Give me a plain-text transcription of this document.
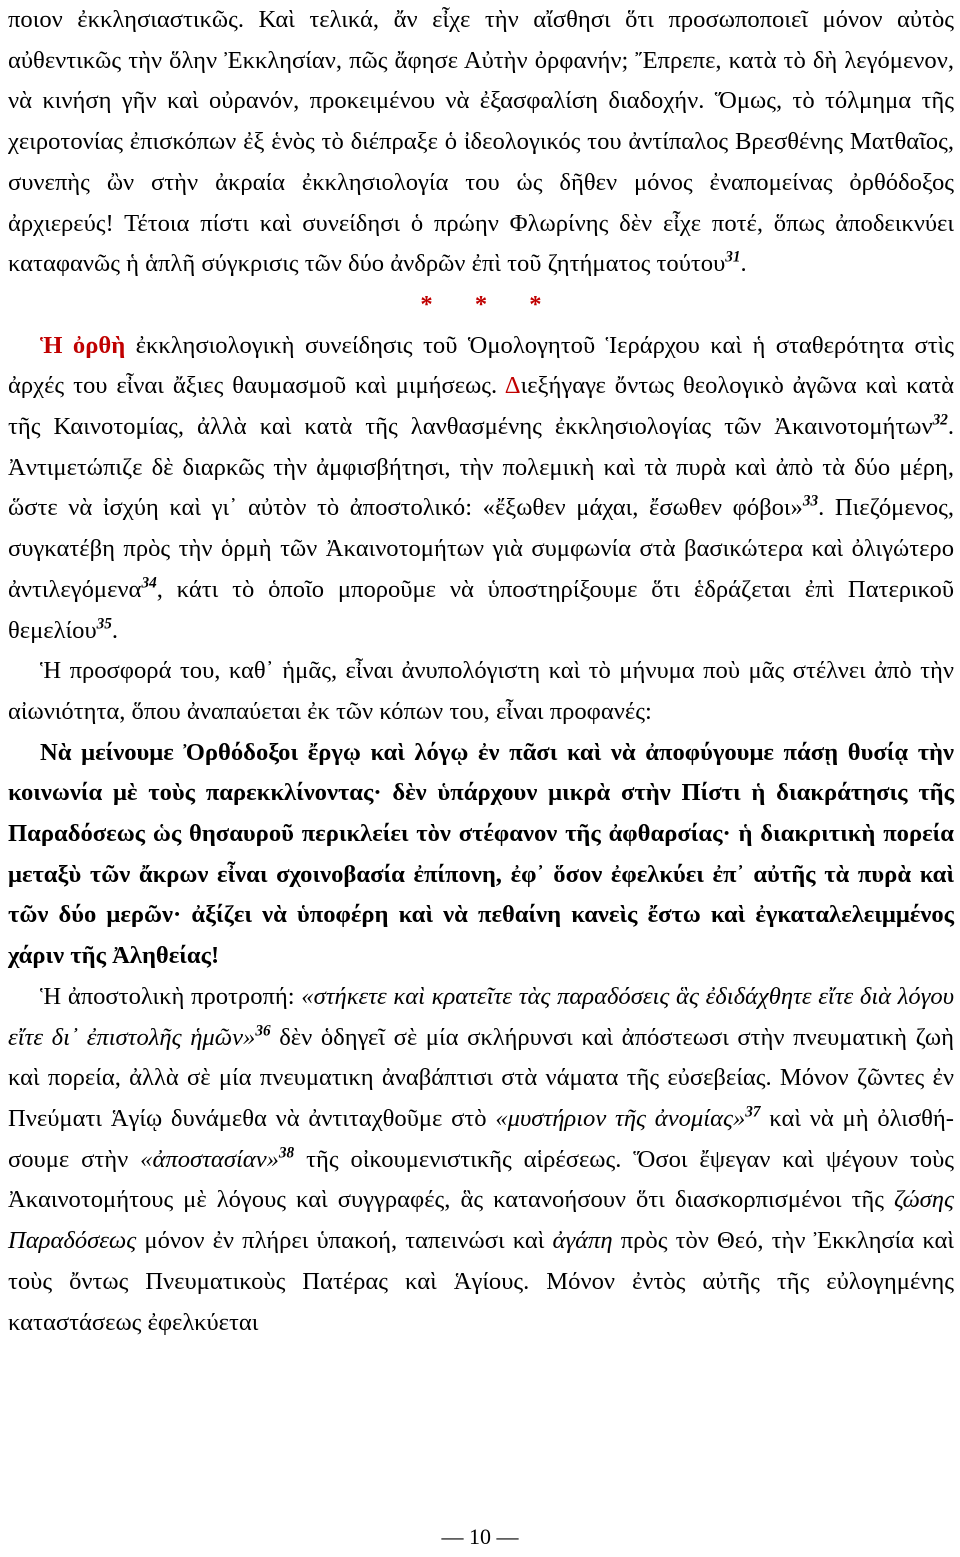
ποιον ἐκκλησιαστικῶς. Καὶ τελικά, ἄν εἶχε τὴν αἴσθησι ὅτι προσωποποιεῖ μόνον αὐτὸς αὐθεντικῶς τὴν ὅλην Ἐκκλησίαν, πῶς ἄφησε Αὐτὴν ὀρφανήν; Ἔπρεπε, κατὰ τὸ δὴ λεγόμενον, νὰ κινήση γῆν καὶ οὐρανόν, προκειμένου νὰ ἐξασφαλίση διαδοχήν. Ὅμως, τὸ τόλμημα τῆς χειροτονίας ἐπισκόπων ἐξ ἑνὸς τὸ διέπραξε ὁ ἰδεολογικός του ἀντίπαλος Βρεσθένης Ματθαῖος, συνεπὴς ὢν στὴν ἀκραία ἐκκλησιολογία του ὡς δῆθεν μόνος ἐναπομείνας ὀρθόδοξος ἀρχιερεύς! Τέτοια πίστι καὶ συνείδησι ὁ πρώην Φλωρίνης δὲν εἶχε ποτέ, ὅπως ἀποδεικνύει καταφανῶς ἡ ἁπλῆ σύγκρισις τῶν δύο ἀνδρῶν ἐπὶ τοῦ ζητήματος τούτου$^{31}$.

* * *

Ἡ ὀρθὴ ἐκκλησιολογικὴ συνείδησις τοῦ Ὁμολογητοῦ Ἱεράρχου καὶ ἡ σταθερότητα στὶς ἀρχές του εἶναι ἄξιες θαυμασμοῦ καὶ μιμήσεως. Διεξήγαγε ὄντως θεολογικὸ ἀγῶνα καὶ κατὰ τῆς Καινοτομίας, ἀλλὰ καὶ κατὰ τῆς λανθασμένης ἐκκλησιολογίας τῶν Ἀκαινοτομήτων$^{32}$. Ἀντιμετώπιζε δὲ διαρκῶς τὴν ἀμφισβήτησι, τὴν πολεμικὴ καὶ τὰ πυρὰ καὶ ἀπὸ τὰ δύο μέρη, ὥστε νὰ ἰσχύη καὶ γι᾽ αὐτὸν τὸ ἀποστολικό: «ἔξωθεν μάχαι, ἔσωθεν φόβοι»$^{33}$. Πιεζόμενος, συγκατέβη πρὸς τὴν ὁρμὴ τῶν Ἀκαινοτομήτων γιὰ συμφωνία στὰ βασικώτερα καὶ ὀλιγώτερο ἀντιλεγόμενα$^{34}$, κάτι τὸ ὁποῖο μποροῦμε νὰ ὑποστηρίξουμε ὅτι ἑδράζεται ἐπὶ Πατερικοῦ θεμελίου$^{35}$.

Ἡ προσφορά του, καθ᾽ ἡμᾶς, εἶναι ἀνυπολόγιστη καὶ τὸ μήνυμα ποὺ μᾶς στέλνει ἀπὸ τὴν αἰωνιότητα, ὅπου ἀναπαύεται ἐκ τῶν κόπων του, εἶναι προφανές:

Νὰ μείνουμε Ὀρθόδοξοι ἔργῳ καὶ λόγῳ ἐν πᾶσι καὶ νὰ ἀποφύγουμε πάσῃ θυσίᾳ τὴν κοινωνία μὲ τοὺς παρεκκλίνοντας· δὲν ὑπάρχουν μικρὰ στὴν Πίστι ἡ διακράτησις τῆς Παραδόσεως ὡς θησαυροῦ περικλείει τὸν στέφανον τῆς ἀφθαρσίας· ἡ διακριτικὴ πορεία μεταξὺ τῶν ἄκρων εἶναι σχοινοβασία ἐπίπονη, ἐφ᾽ ὅσον ἐφελκύει ἐπ᾽ αὐτῆς τὰ πυρὰ καὶ τῶν δύο μερῶν· ἀξίζει νὰ ὑποφέρη καὶ νὰ πεθαίνη κανεὶς ἔστω καὶ ἐγκαταλελειμμένος χάριν τῆς Ἀληθείας!

Ἡ ἀποστολικὴ προτροπή: «στήκετε καὶ κρατεῖτε τὰς παραδόσεις ἃς ἐδιδάχθητε εἴτε διὰ λόγου εἴτε δι᾽ ἐπιστολῆς ἡμῶν»$^{36}$ δὲν ὁδηγεῖ σὲ μία σκλήρυνσι καὶ ἀπόστεωσι στὴν πνευματικὴ ζωὴ καὶ πορεία, ἀλλὰ σὲ μία πνευματικη ἀναβάπτισι στὰ νάματα τῆς εὐσεβείας. Μόνον ζῶντες ἐν Πνεύματι Ἁγίῳ δυνάμεθα νὰ ἀντιταχθοῦμε στὸ «μυστήριον τῆς ἀνομίας»$^{37}$ καὶ νὰ μὴ ὀλισθήσουμε στὴν «ἀποστασίαν»$^{38}$ τῆς οἰκουμενιστικῆς αἱρέσεως. Ὅσοι ἔψεγαν καὶ ψέγουν τοὺς Ἀκαινοτομήτους μὲ λόγους καὶ συγγραφές, ἃς κατανοήσουν ὅτι διασκορπισμένοι τῆς ζώσης Παραδόσεως μόνον ἐν πλήρει ὑπακοή, ταπεινώσι καὶ ἀγάπη πρὸς τὸν Θεό, τὴν Ἐκκλησία καὶ τοὺς ὄντως Πνευματικοὺς Πατέρας καὶ Ἁγίους. Μόνον ἐντὸς αὐτῆς τῆς εὐλογημένης καταστάσεως ἐφελκύεται

— 10 —
